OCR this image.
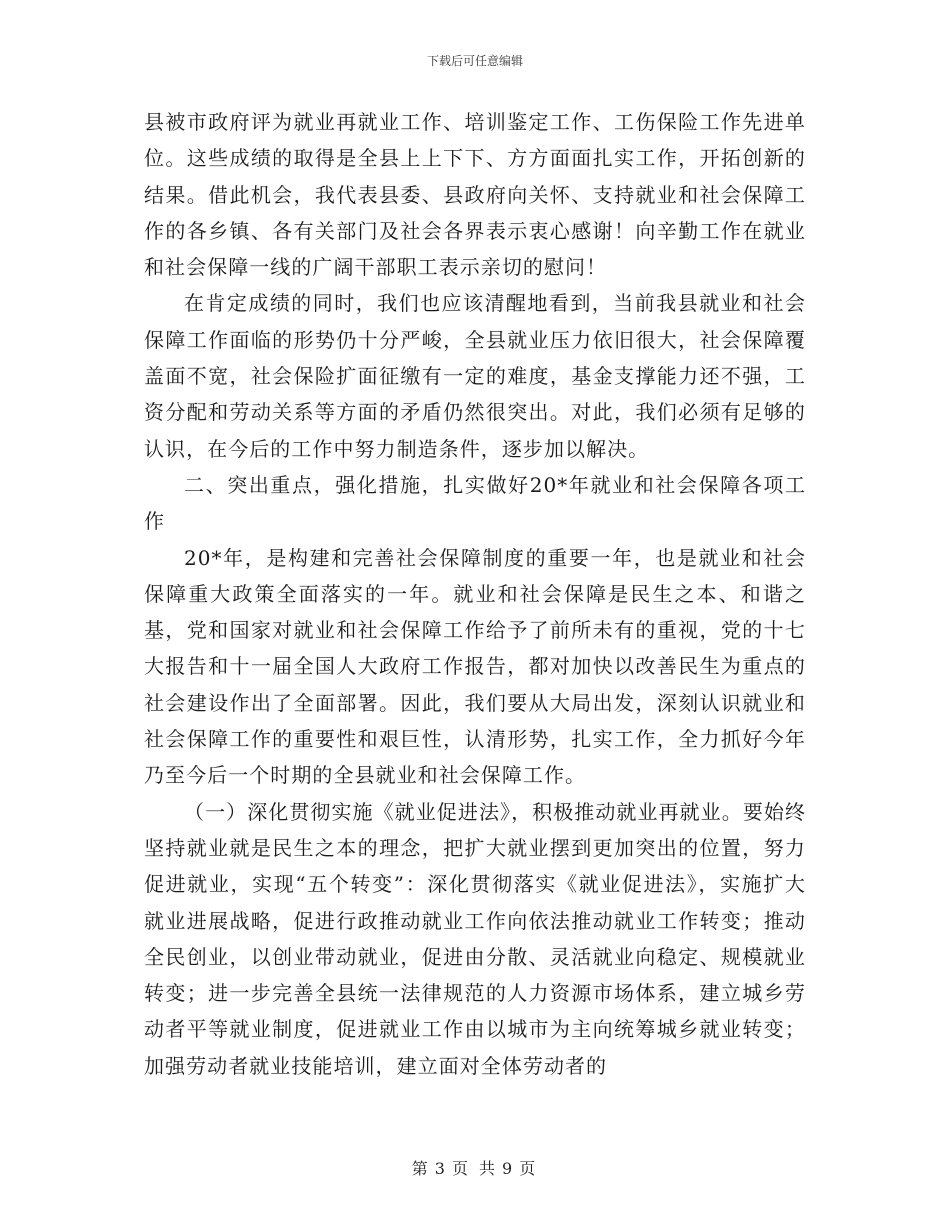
下载后可任意编辑

县被市政府评为就业再就业工作、培训鉴定工作、工伤保险工作先进单位。这些成绩的取得是全县上上下下、方方面面扎实工作，开拓创新的结果。借此机会，我代表县委、县政府向关怀、支持就业和社会保障工作的各乡镇、各有关部门及社会各界表示衷心感谢！向辛勤工作在就业和社会保障一线的广阔干部职工表示亲切的慰问！

在肯定成绩的同时，我们也应该清醒地看到，当前我县就业和社会保障工作面临的形势仍十分严峻，全县就业压力依旧很大，社会保障覆盖面不宽，社会保险扩面征缴有一定的难度，基金支撑能力还不强，工资分配和劳动关系等方面的矛盾仍然很突出。对此，我们必须有足够的认识，在今后的工作中努力制造条件，逐步加以解决。

二、突出重点，强化措施，扎实做好20*年就业和社会保障各项工作

20*年，是构建和完善社会保障制度的重要一年，也是就业和社会保障重大政策全面落实的一年。就业和社会保障是民生之本、和谐之基，党和国家对就业和社会保障工作给予了前所未有的重视，党的十七大报告和十一届全国人大政府工作报告，都对加快以改善民生为重点的社会建设作出了全面部署。因此，我们要从大局出发，深刻认识就业和社会保障工作的重要性和艰巨性，认清形势，扎实工作，全力抓好今年乃至今后一个时期的全县就业和社会保障工作。

（一）深化贯彻实施《就业促进法》，积极推动就业再就业。要始终坚持就业就是民生之本的理念，把扩大就业摆到更加突出的位置，努力促进就业，实现“五个转变”：深化贯彻落实《就业促进法》，实施扩大就业进展战略，促进行政推动就业工作向依法推动就业工作转变；推动全民创业，以创业带动就业，促进由分散、灵活就业向稳定、规模就业转变；进一步完善全县统一法律规范的人力资源市场体系，建立城乡劳动者平等就业制度，促进就业工作由以城市为主向统筹城乡就业转变；加强劳动者就业技能培训，建立面对全体劳动者的

第 3 页 共 9 页
